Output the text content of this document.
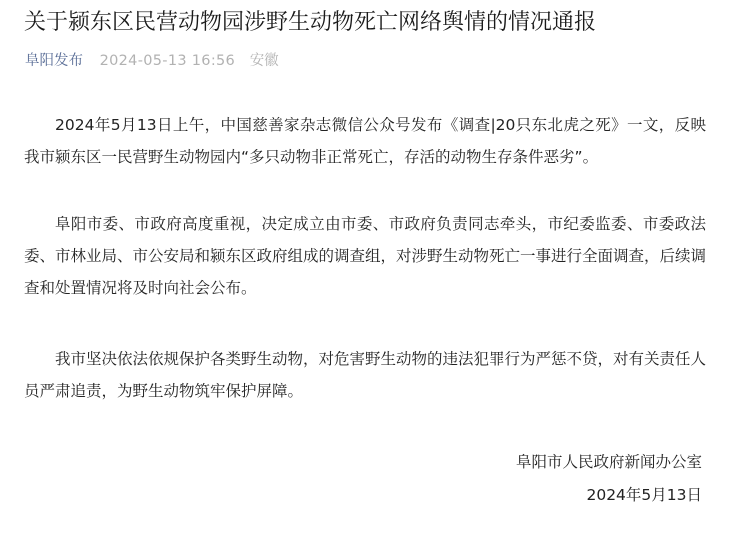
关于颍东区民营动物园涉野生动物死亡网络舆情的情况通报
阜阳发布 2024-05-13 16:56 安徽

2024年5月13日上午，中国慈善家杂志微信公众号发布《调查|20只东北虎之死》一文，反映我市颍东区一民营野生动物园内“多只动物非正常死亡，存活的动物生存条件恶劣”。

阜阳市委、市政府高度重视，决定成立由市委、市政府负责同志牵头，市纪委监委、市委政法委、市林业局、市公安局和颍东区政府组成的调查组，对涉野生动物死亡一事进行全面调查，后续调查和处置情况将及时向社会公布。

我市坚决依法依规保护各类野生动物，对危害野生动物的违法犯罪行为严惩不贷，对有关责任人员严肃追责，为野生动物筑牢保护屏障。

阜阳市人民政府新闻办公室
2024年5月13日
